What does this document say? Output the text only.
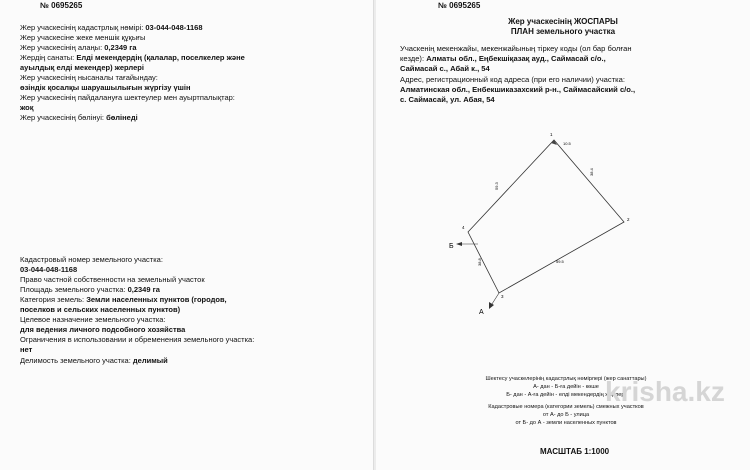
№ 0695265
Жер учаскесінің кадастрлық нөмірі: 03-044-048-1168
Жер учаскесіне жеке меншік құқығы
Жер учаскесінің алаңы: 0,2349 га
Жердің санаты: Елді мекендердің (қалалар, поселкелер және
ауылдық елді мекендер) жерлері
Жер учаскесінің нысаналы тағайындау:
өзіндік қосалқы шаруашылығын жүргізу үшін
Жер учаскесінің пайдалануға шектеулер мен ауыртпалықтар:
жоқ
Жер учаскесінің бөлінуі: бөлінеді
Кадастровый номер земельного участка:
03-044-048-1168
Право частной собственности на земельный участок
Площадь земельного участка: 0,2349 га
Категория земель: Земли населенных пунктов (городов,
поселков и сельских населенных пунктов)
Целевое назначение земельного участка:
для ведения личного подсобного хозяйства
Ограничения в использовании и обременения земельного участка:
нет
Делимость земельного участка: делимый
№ 0695265
Жер учаскесінің ЖОСПАРЫ
ПЛАН земельного участка
Учаскенің мекенжайы, мекенжайының тіркеу коды (ол бар болған
кезде): Алматы обл., Еңбекшіқазақ ауд., Саймасай с/о.,
Саймасай с., Абай к., 54
Адрес, регистрационный код адреса (при его наличии) участка:
Алматинская обл., Енбекшиказахский р-н., Саймасайский с/о.,
с. Саймасай, ул. Абая, 54
1
2
3
4
10.5
38.4
59.5
38.8
59.3
Б
А
Шектесу учаскелерінің кадастрлық нөмірлері (жер санаттары)
А- дан - Б-ға дейін - көше
Б- дан - А-ға дейін - елді мекендердің жерлері
Кадастровые номера (категории земель) смежных участков
от А- до Б - улица
от Б- до А - земли населенных пунктов
МАСШТАБ 1:1000
krisha.kz
